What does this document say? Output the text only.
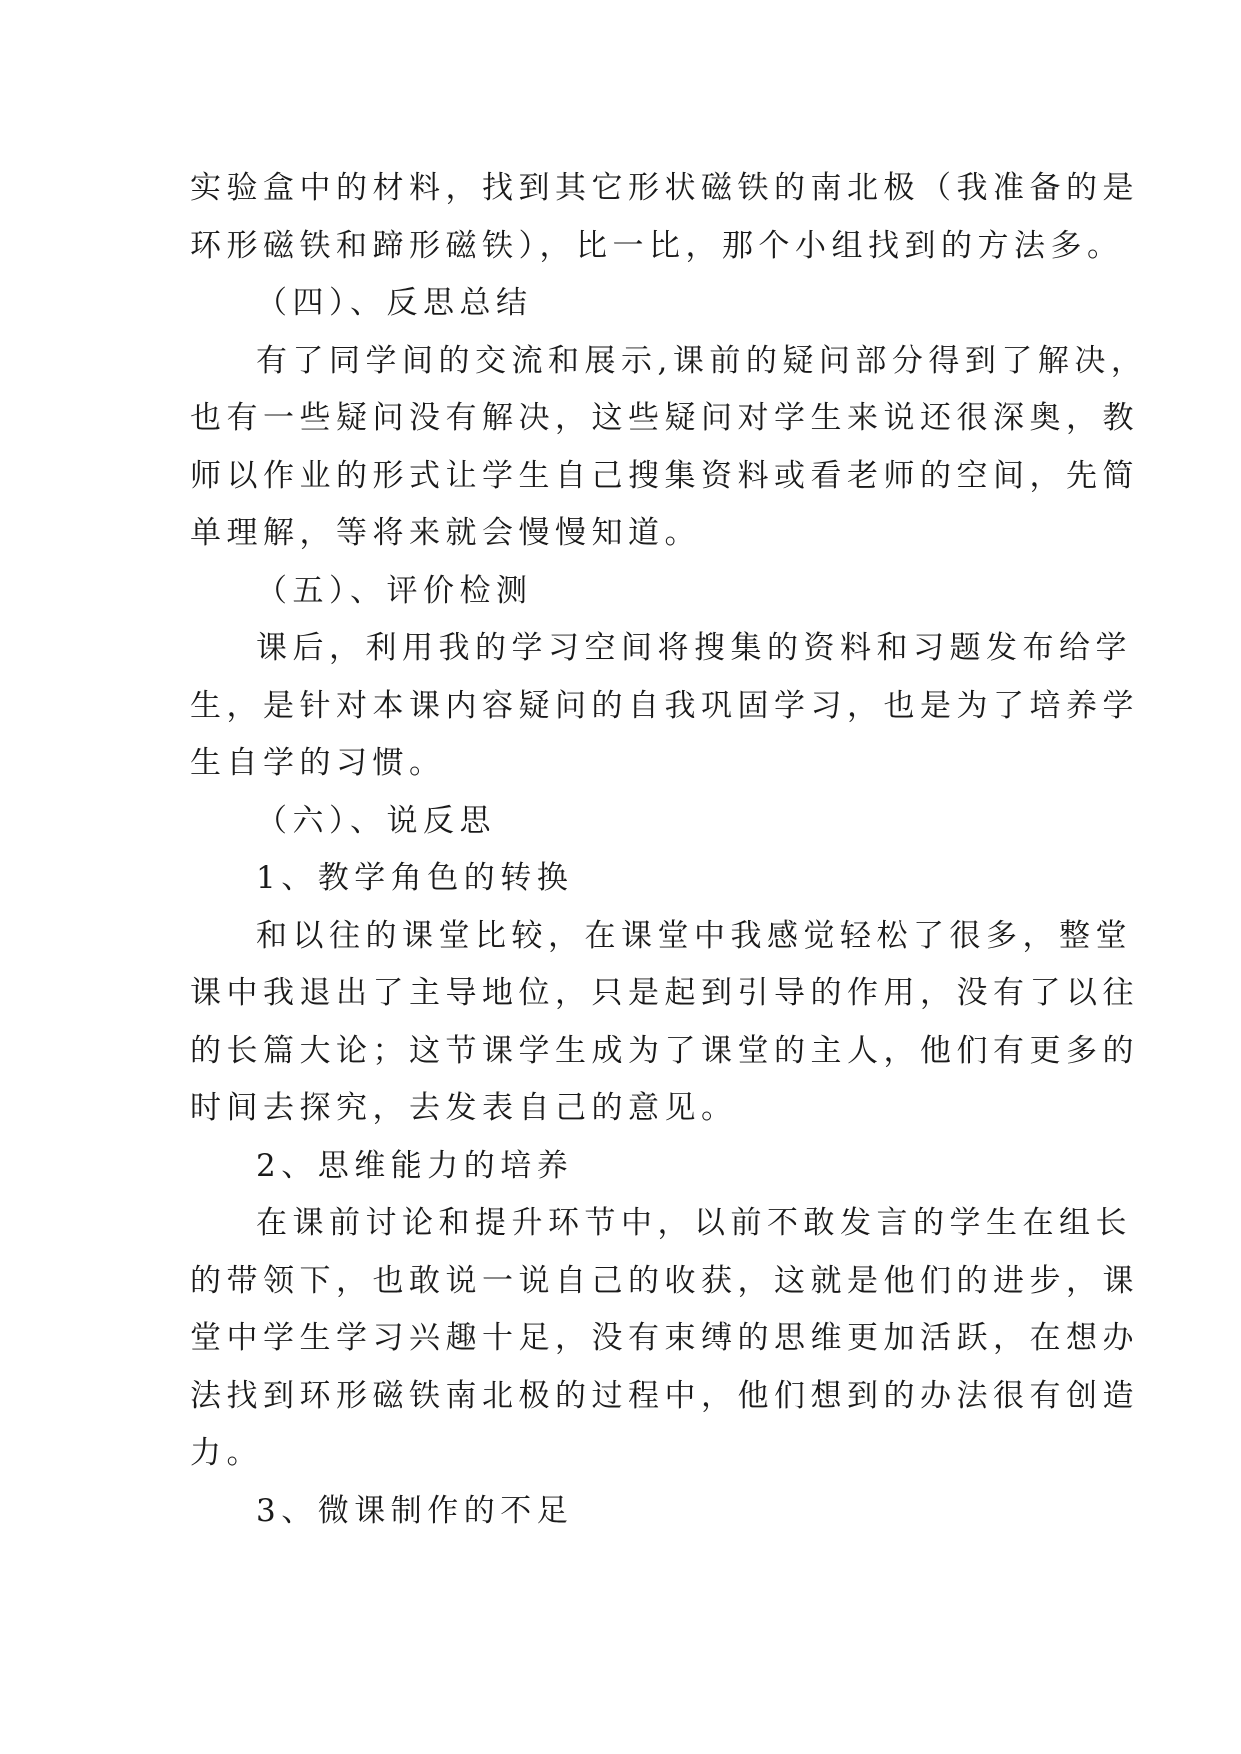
实验盒中的材料，找到其它形状磁铁的南北极（我准备的是
环形磁铁和蹄形磁铁），比一比，那个小组找到的方法多。
（四）、反思总结
有了同学间的交流和展示,课前的疑问部分得到了解决，
也有一些疑问没有解决，这些疑问对学生来说还很深奥，教
师以作业的形式让学生自己搜集资料或看老师的空间，先简
单理解，等将来就会慢慢知道。
（五）、评价检测
课后，利用我的学习空间将搜集的资料和习题发布给学
生，是针对本课内容疑问的自我巩固学习，也是为了培养学
生自学的习惯。
（六）、说反思
1、教学角色的转换
和以往的课堂比较，在课堂中我感觉轻松了很多，整堂
课中我退出了主导地位，只是起到引导的作用，没有了以往
的长篇大论；这节课学生成为了课堂的主人，他们有更多的
时间去探究，去发表自己的意见。
2、思维能力的培养
在课前讨论和提升环节中，以前不敢发言的学生在组长
的带领下，也敢说一说自己的收获，这就是他们的进步，课
堂中学生学习兴趣十足，没有束缚的思维更加活跃，在想办
法找到环形磁铁南北极的过程中，他们想到的办法很有创造
力。
3、微课制作的不足
